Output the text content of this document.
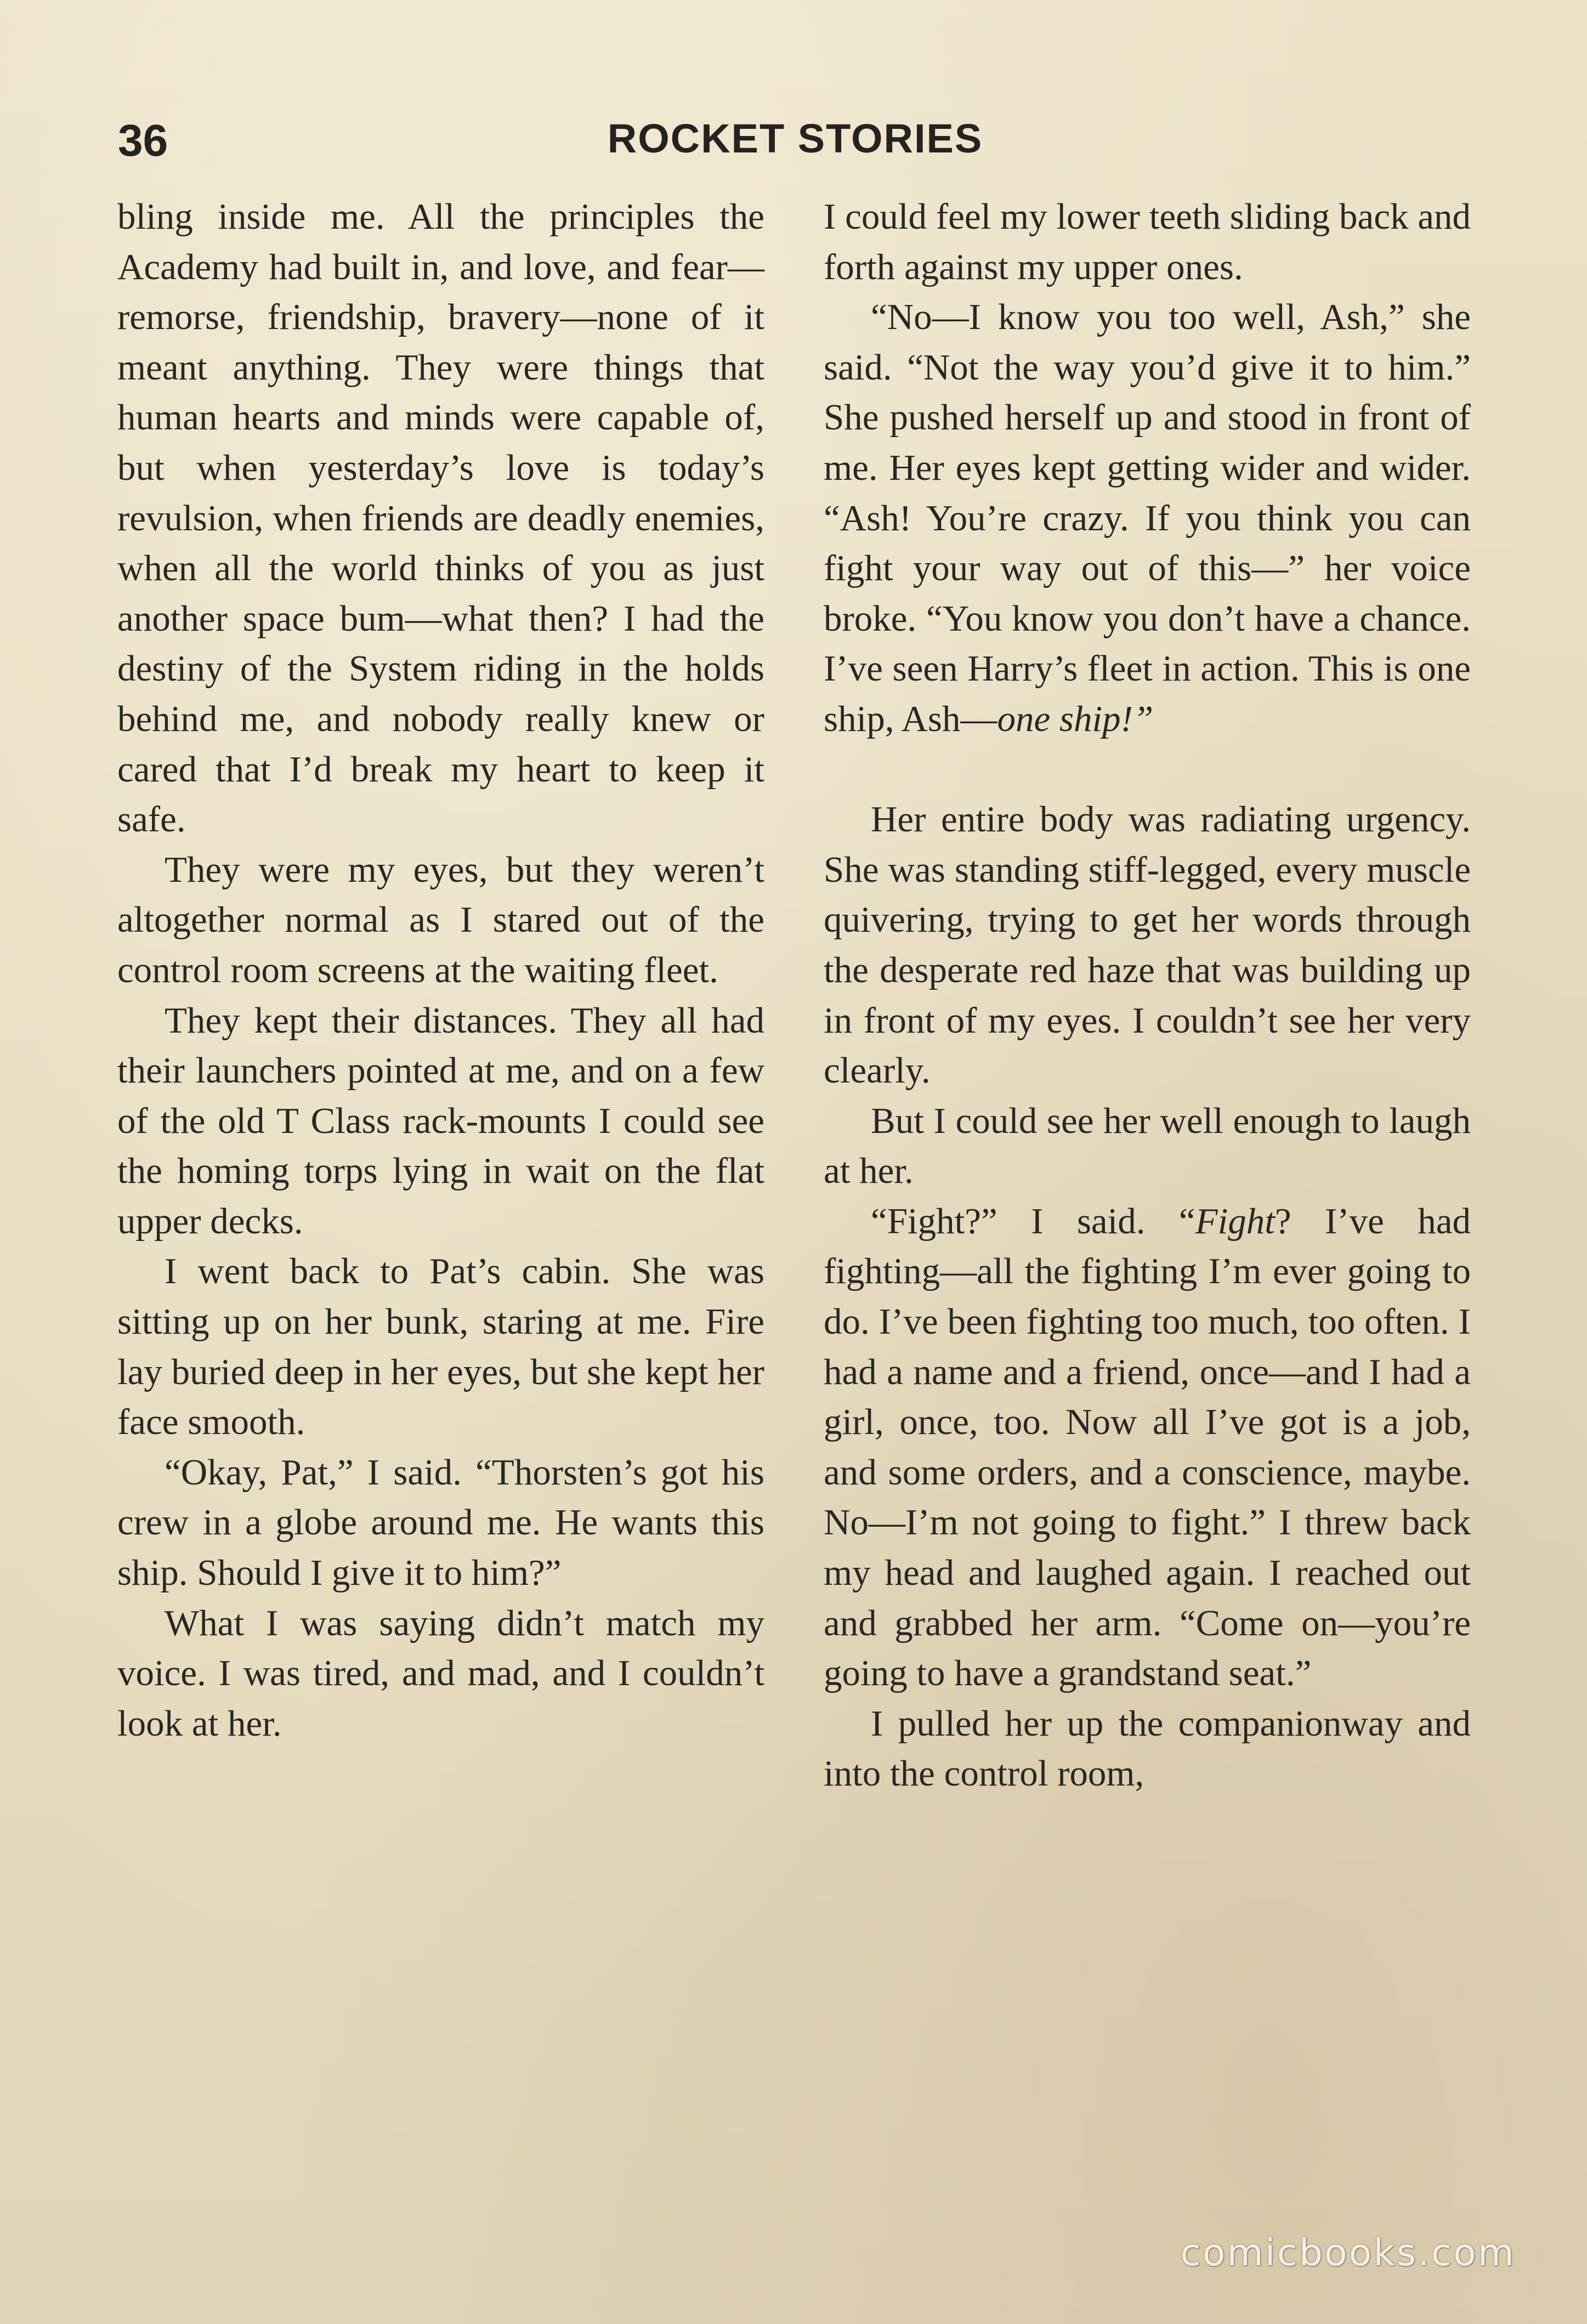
36	ROCKET STORIES

bling inside me. All the principles the Academy had built in, and love, and fear—remorse, friendship, bravery—none of it meant anything. They were things that human hearts and minds were capable of, but when yesterday’s love is today’s revulsion, when friends are deadly enemies, when all the world thinks of you as just another space bum—what then? I had the destiny of the System riding in the holds behind me, and nobody really knew or cared that I’d break my heart to keep it safe.

They were my eyes, but they weren’t altogether normal as I stared out of the control room screens at the waiting fleet.

They kept their distances. They all had their launchers pointed at me, and on a few of the old T Class rack-mounts I could see the homing torps lying in wait on the flat upper decks.

I went back to Pat’s cabin. She was sitting up on her bunk, staring at me. Fire lay buried deep in her eyes, but she kept her face smooth.

“Okay, Pat,” I said. “Thorsten’s got his crew in a globe around me. He wants this ship. Should I give it to him?”

What I was saying didn’t match my voice. I was tired, and mad, and I couldn’t look at her.

I could feel my lower teeth sliding back and forth against my upper ones.

“No—I know you too well, Ash,” she said. “Not the way you’d give it to him.” She pushed herself up and stood in front of me. Her eyes kept getting wider and wider. “Ash! You’re crazy. If you think you can fight your way out of this—” her voice broke. “You know you don’t have a chance. I’ve seen Harry’s fleet in action. This is one ship, Ash—one ship!”

Her entire body was radiating urgency. She was standing stiff-legged, every muscle quivering, trying to get her words through the desperate red haze that was building up in front of my eyes. I couldn’t see her very clearly.

But I could see her well enough to laugh at her.

“Fight?” I said. “Fight? I’ve had fighting—all the fighting I’m ever going to do. I’ve been fighting too much, too often. I had a name and a friend, once—and I had a girl, once, too. Now all I’ve got is a job, and some orders, and a conscience, maybe. No—I’m not going to fight.” I threw back my head and laughed again. I reached out and grabbed her arm. “Come on—you’re going to have a grandstand seat.”

I pulled her up the companionway and into the control room,

comicbooks.com
